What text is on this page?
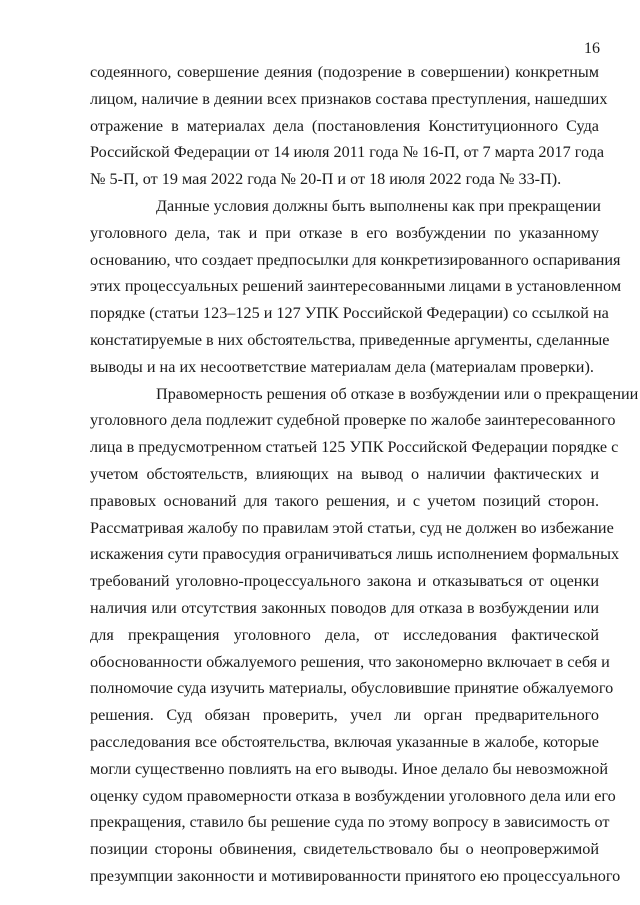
16
содеянного, совершение деяния (подозрение в совершении) конкретным
лицом, наличие в деянии всех признаков состава преступления, нашедших
отражение в материалах дела (постановления Конституционного Суда
Российской Федерации от 14 июля 2011 года № 16-П, от 7 марта 2017 года
№ 5-П, от 19 мая 2022 года № 20-П и от 18 июля 2022 года № 33-П).
Данные условия должны быть выполнены как при прекращении
уголовного дела, так и при отказе в его возбуждении по указанному
основанию, что создает предпосылки для конкретизированного оспаривания
этих процессуальных решений заинтересованными лицами в установленном
порядке (статьи 123–125 и 127 УПК Российской Федерации) со ссылкой на
констатируемые в них обстоятельства, приведенные аргументы, сделанные
выводы и на их несоответствие материалам дела (материалам проверки).
Правомерность решения об отказе в возбуждении или о прекращении
уголовного дела подлежит судебной проверке по жалобе заинтересованного
лица в предусмотренном статьей 125 УПК Российской Федерации порядке с
учетом обстоятельств, влияющих на вывод о наличии фактических и
правовых оснований для такого решения, и с учетом позиций сторон.
Рассматривая жалобу по правилам этой статьи, суд не должен во избежание
искажения сути правосудия ограничиваться лишь исполнением формальных
требований уголовно-процессуального закона и отказываться от оценки
наличия или отсутствия законных поводов для отказа в возбуждении или
для прекращения уголовного дела, от исследования фактической
обоснованности обжалуемого решения, что закономерно включает в себя и
полномочие суда изучить материалы, обусловившие принятие обжалуемого
решения. Суд обязан проверить, учел ли орган предварительного
расследования все обстоятельства, включая указанные в жалобе, которые
могли существенно повлиять на его выводы. Иное делало бы невозможной
оценку судом правомерности отказа в возбуждении уголовного дела или его
прекращения, ставило бы решение суда по этому вопросу в зависимость от
позиции стороны обвинения, свидетельствовало бы о неопровержимой
презумпции законности и мотивированности принятого ею процессуального
